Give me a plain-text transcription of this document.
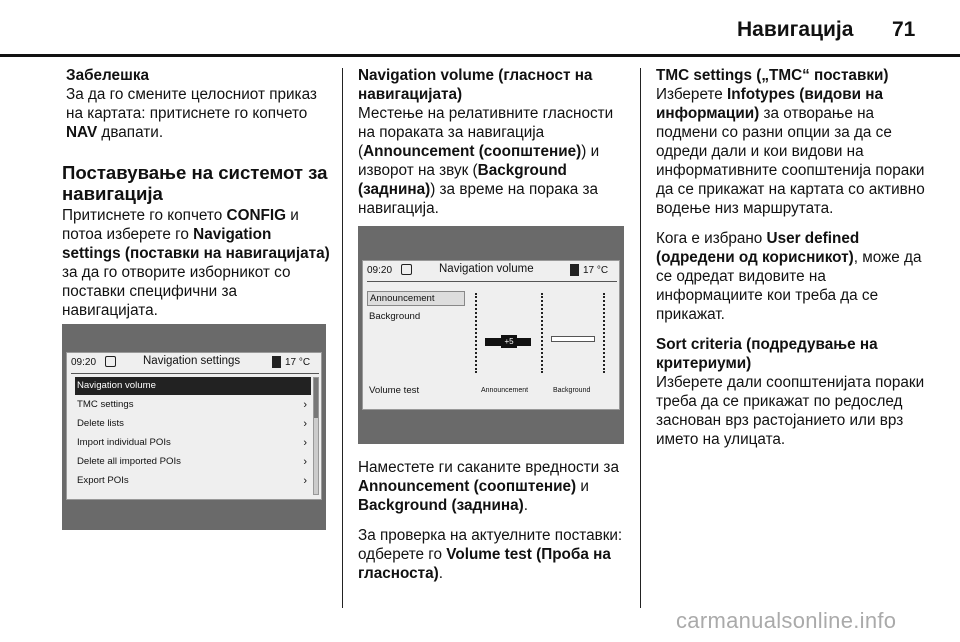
Навигација 71
Забелешка

За да го смените целосниот приказ на картата: притиснете го копчето NAV двапати.

Поставување на системот за навигација

Притиснете го копчето CONFIG и потоа изберете го Navigation settings (поставки на навигацијата) за да го отворите изборникот со поставки специфични за навигацијата.

09:20	Navigation settings	17 °C
Navigation volume
TMC settings	›
Delete lists	›
Import individual POIs	›
Delete all imported POIs	›
Export POIs	›
Navigation volume (гласност на навигацијата)

Местење на релативните гласности на пораката за навигација (Announcement (соопштение)) и изворот на звук (Background (заднина)) за време на порака за навигација.

09:20	Navigation volume	17 °C
Announcement
Background
Volume test
+5
Announcement	Background

Наместете ги саканите вредности за Announcement (соопштение) и Background (заднина).

За проверка на актуелните поставки: одберете го Volume test (Проба на гласноста).

TMC settings („TMC“ поставки)

Изберете Infotypes (видови на информации) за отворање на подмени со разни опции за да се одреди дали и кои видови на информативните соопштенија пораки да се прикажат на картата со активно водење низ маршрутата.

Кога е избрано User defined (одредени од корисникот), може да се одредат видовите на информациите кои треба да се прикажат.

Sort criteria (подредување на критериуми)

Изберете дали соопштенијата пораки треба да се прикажат по редослед заснован врз растојанието или врз името на улицата.

carmanualsonline.info
